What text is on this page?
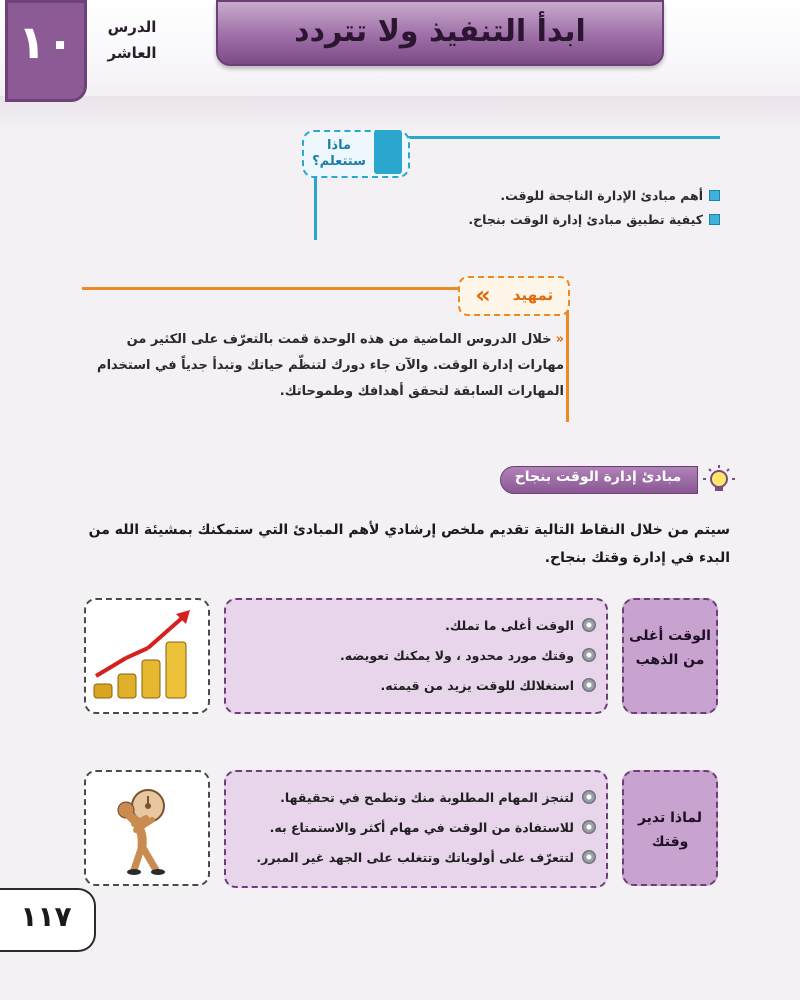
١٠	الدرس
العاشر
ابدأ التنفيذ ولا تتردد
ماذا
ستتعلم؟
أهم مبادئ الإدارة الناجحة للوقت.
كيفية تطبيق مبادئ إدارة الوقت بنجاح.
«	تمهيد
«خلال الدروس الماضية من هذه الوحدة قمت بالتعرّف على الكثير من مهارات إدارة الوقت. والآن جاء دورك لتنظّم حياتك وتبدأ جدياً في استخدام المهارات السابقة لتحقق أهدافك وطموحاتك.
مبادئ إدارة الوقت بنجاح
سيتم من خلال النقاط التالية تقديم ملخص إرشادي لأهم المبادئ التي ستمكنك بمشيئة الله من البدء في إدارة وقتك بنجاح.
الوقت أغلى
من الذهب
الوقت أغلى ما تملك.
وقتك مورد محدود ، ولا يمكنك تعويضه.
استغلالك للوقت يزيد من قيمته.
لماذا تدير
وقتك
لتنجز المهام المطلوبة منك وتطمح في تحقيقها.
للاستفادة من الوقت في مهام أكثر والاستمتاع به.
لتتعرّف على أولوياتك وتتغلب على الجهد غير المبرر.
١١٧
